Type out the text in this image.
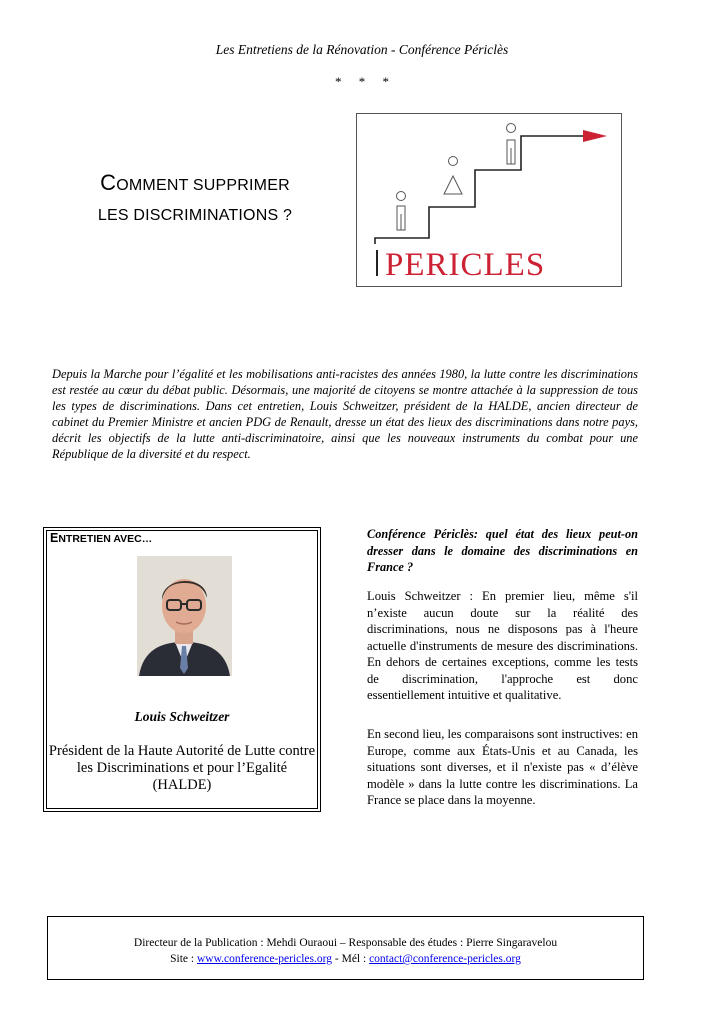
Les Entretiens de la Rénovation - Conférence Périclès
* * *
COMMENT SUPPRIMER
LES DISCRIMINATIONS ?
PERICLES
Depuis la Marche pour l’égalité et les mobilisations anti-racistes des années 1980, la lutte contre les discriminations est restée au cœur du débat public. Désormais, une majorité de citoyens se montre attachée à la suppression de tous les types de discriminations. Dans cet entretien, Louis Schweitzer, président de la HALDE, ancien directeur de cabinet du Premier Ministre et ancien PDG de Renault, dresse un état des lieux des discriminations dans notre pays, décrit les objectifs de la lutte anti-discriminatoire, ainsi que les nouveaux instruments du combat pour une République de la diversité et du respect.
ENTRETIEN AVEC…
Louis Schweitzer
Président de la Haute Autorité de Lutte contre les Discriminations et pour l’Egalité (HALDE)
Conférence Périclès: quel état des lieux peut-on dresser dans le domaine des discriminations en France ?
Louis Schweitzer : En premier lieu, même s'il n’existe aucun doute sur la réalité des discriminations, nous ne disposons pas à l'heure actuelle d'instruments de mesure des discriminations. En dehors de certaines exceptions, comme les tests de discrimination, l'approche est donc essentiellement intuitive et qualitative.
En second lieu, les comparaisons sont instructives: en Europe, comme aux États-Unis et au Canada, les situations sont diverses, et il n'existe pas « d’élève modèle » dans la lutte contre les discriminations. La France se place dans la moyenne.
Directeur de la Publication : Mehdi Ouraoui – Responsable des études : Pierre Singaravelou
Site : www.conference-pericles.org - Mél : contact@conference-pericles.org
